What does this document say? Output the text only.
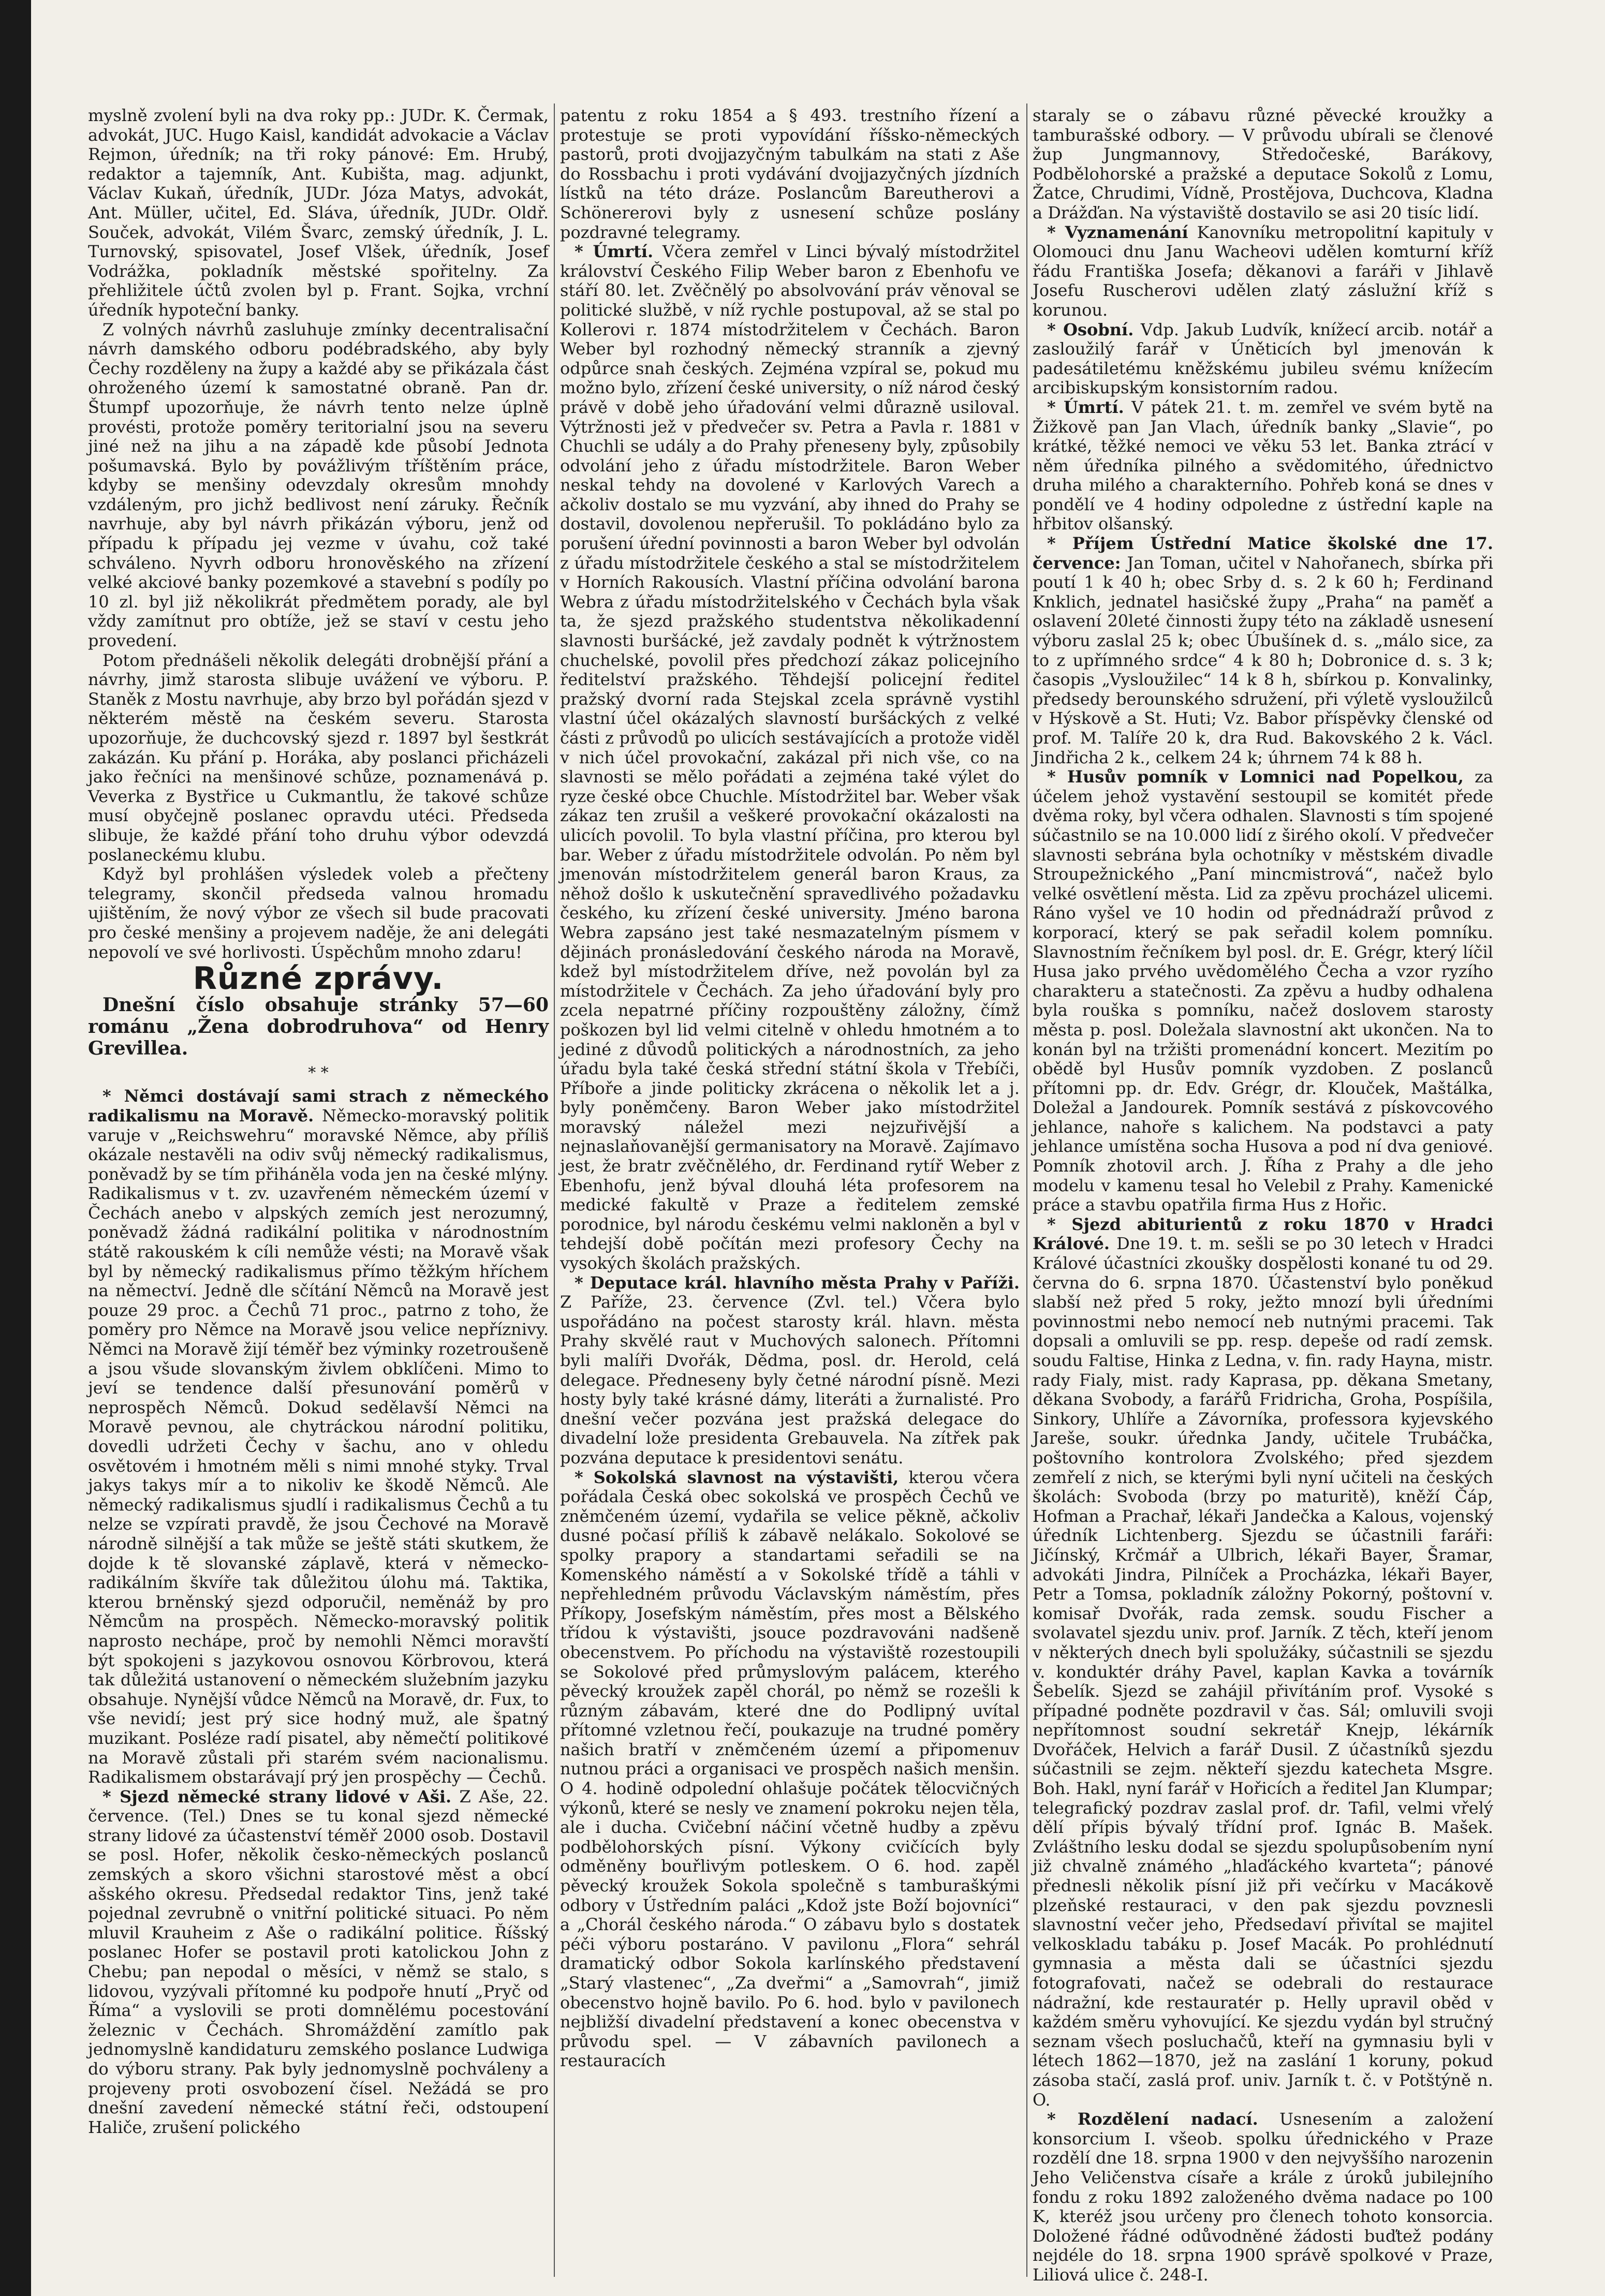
myslně zvolení byli na dva roky pp.: JUDr. K. Čermak, advokát, JUC. Hugo Kaisl, kandidát advokacie a Václav Rejmon, úředník; na tři roky pánové: Em. Hrubý, redaktor a tajemník, Ant. Kubišta, mag. adjunkt, Václav Kukaň, úředník, JUDr. Józa Matys, advokát, Ant. Müller, učitel, Ed. Sláva, úředník, JUDr. Oldř. Souček, advokát, Vilém Švarc, zemský úředník, J. L. Turnovský, spisovatel, Josef Vlšek, úředník, Josef Vodrážka, pokladník městské spořitelny. Za přehližitele účtů zvolen byl p. Frant. Sojka, vrchní úředník hypoteční banky.

Z volných návrhů zasluhuje zmínky decentralisační návrh damského odboru podébradského, aby byly Čechy rozděleny na župy a každé aby se přikázala část ohroženého území k samostatné obraně. Pan dr. Štumpf upozorňuje, že návrh tento nelze úplně provésti, protože poměry teritorialní jsou na severu jiné než na jihu a na západě kde působí Jednota pošumavská. Bylo by povážlivým tříštěním práce, kdyby se menšiny odevzdaly okresům mnohdy vzdáleným, pro jichž bedlivost není záruky. Řečník navrhuje, aby byl návrh přikázán výboru, jenž od případu k případu jej vezme v úvahu, což také schváleno. Nyvrh odboru hronověského na zřízení velké akciové banky pozemkové a stavební s podíly po 10 zl. byl již několikrát předmětem porady, ale byl vždy zamítnut pro obtíže, jež se staví v cestu jeho provedení.

Potom přednášeli několik delegáti drobnější přání a návrhy, jimž starosta slibuje uvážení ve výboru. P. Staněk z Mostu navrhuje, aby brzo byl pořádán sjezd v některém městě na českém severu. Starosta upozorňuje, že duchcovský sjezd r. 1897 byl šestkrát zakázán. Ku přání p. Horáka, aby poslanci přicházeli jako řečníci na menšinové schůze, poznamenává p. Veverka z Bystřice u Cukmantlu, že takové schůze musí obyčejně poslanec opravdu utéci. Předseda slibuje, že každé přání toho druhu výbor odevzdá poslaneckému klubu.

Když byl prohlášen výsledek voleb a přečteny telegramy, skončil předseda valnou hromadu ujištěním, že nový výbor ze všech sil bude pracovati pro české menšiny a projevem naděje, že ani delegáti nepovolí ve své horlivosti. Úspěchům mnoho zdaru!

Různé zprávy.

Dnešní číslo obsahuje stránky 57—60 románu „Žena dobrodruhova“ od Henry Grevillea.

* *

* Němci dostávají sami strach z německého radikalismu na Moravě. Německo-moravský politik varuje v „Reichswehru“ moravské Němce, aby příliš okázale nestavěli na odiv svůj německý radikalismus, poněvadž by se tím přiháněla voda jen na české mlýny. Radikalismus v t. zv. uzavřeném německém území v Čechách anebo v alpských zemích jest nerozumný, poněvadž žádná radikální politika v národnostním státě rakouském k cíli nemůže vésti; na Moravě však byl by německý radikalismus přímo těžkým hříchem na němectví. Jedně dle sčítání Němců na Moravě jest pouze 29 proc. a Čechů 71 proc., patrno z toho, že poměry pro Němce na Moravě jsou velice nepříznivy. Němci na Moravě žijí téměř bez výminky rozetroušeně a jsou všude slovanským živlem obklíčeni. Mimo to jeví se tendence další přesunování poměrů v neprospěch Němců. Dokud sedělavší Němci na Moravě pevnou, ale chytráckou národní politiku, dovedli udržeti Čechy v šachu, ano v ohledu osvětovém i hmotném měli s nimi mnohé styky. Trval jakys takys mír a to nikoliv ke škodě Němců. Ale německý radikalismus sjudlí i radikalismus Čechů a tu nelze se vzpírati pravdě, že jsou Čechové na Moravě národně silnější a tak může se ještě státi skutkem, že dojde k tě slovanské záplavě, která v německo-radikálním škvíře tak důležitou úlohu má. Taktika, kterou brněnský sjezd odporučil, neměnáž by pro Němcům na prospěch. Německo-moravský politik naprosto nechápe, proč by nemohli Němci moravští být spokojeni s jazykovou osnovou Körbrovou, která tak důležitá ustanovení o německém služebním jazyku obsahuje. Nynější vůdce Němců na Moravě, dr. Fux, to vše nevidí; jest prý sice hodný muž, ale špatný muzikant. Posléze radí pisatel, aby němečtí politikové na Moravě zůstali při starém svém nacionalismu. Radikalismem obstarávají prý jen prospěchy — Čechů.

* Sjezd německé strany lidové v Aši. Z Aše, 22. července. (Tel.) Dnes se tu konal sjezd německé strany lidové za účastenství téměř 2000 osob. Dostavil se posl. Hofer, několik česko-německých poslanců zemských a skoro všichni starostové měst a obcí ašského okresu. Předsedal redaktor Tins, jenž také pojednal zevrubně o vnitřní politické situaci. Po něm mluvil Krauheim z Aše o radikální politice. Říšský poslanec Hofer se postavil proti katolickou John z Chebu; pan nepodal o měsíci, v němž se stalo, s lidovou, vyzývali přítomné ku podpoře hnutí „Pryč od Říma“ a vyslovili se proti domnělému pocestování železnic v Čechách. Shromáždění zamítlo pak jednomyslně kandidaturu zemského poslance Ludwiga do výboru strany. Pak byly jednomyslně pochváleny a projeveny proti osvobození čísel. Nežádá se pro dnešní zavedení německé státní řeči, odstoupení Haliče, zrušení polického

patentu z roku 1854 a § 493. trestního řízení a protestuje se proti vypovídání říšsko-německých pastorů, proti dvojjazyčným tabulkám na stati z Aše do Rossbachu i proti vydávání dvojjazyčných jízdních lístků na této dráze. Poslancům Bareutherovi a Schönererovi byly z usnesení schůze poslány pozdravné telegramy.

* Úmrtí. Včera zemřel v Linci bývalý místodržitel království Českého Filip Weber baron z Ebenhofu ve stáří 80. let. Zvěčnělý po absolvování práv věnoval se politické službě, v níž rychle postupoval, až se stal po Kollerovi r. 1874 místodržitelem v Čechách. Baron Weber byl rozhodný německý stranník a zjevný odpůrce snah českých. Zejména vzpíral se, pokud mu možno bylo, zřízení české university, o níž národ český právě v době jeho úřadování velmi důrazně usiloval. Výtržnosti jež v předvečer sv. Petra a Pavla r. 1881 v Chuchli se udály a do Prahy přeneseny byly, způsobily odvolání jeho z úřadu místodržitele. Baron Weber neskal tehdy na dovolené v Karlových Varech a ačkoliv dostalo se mu vyzvání, aby ihned do Prahy se dostavil, dovolenou nepřerušil. To pokládáno bylo za porušení úřední povinnosti a baron Weber byl odvolán z úřadu místodržitele českého a stal se místodržitelem v Horních Rakousích. Vlastní příčina odvolání barona Webra z úřadu místodržitelského v Čechách byla však ta, že sjezd pražského studentstva několikadenní slavnosti buršácké, jež zavdaly podnět k výtržnostem chuchelské, povolil přes předchozí zákaz policejního ředitelství pražského. Těhdejší policejní ředitel pražský dvorní rada Stejskal zcela správně vystihl vlastní účel okázalých slavností buršáckých z velké části z průvodů po ulicích sestávajících a protože viděl v nich účel provokační, zakázal při nich vše, co na slavnosti se mělo pořádati a zejména také výlet do ryze české obce Chuchle. Místodržitel bar. Weber však zákaz ten zrušil a veškeré provokační okázalosti na ulicích povolil. To byla vlastní příčina, pro kterou byl bar. Weber z úřadu místodržitele odvolán. Po něm byl jmenován místodržitelem generál baron Kraus, za něhož došlo k uskutečnění spravedlivého požadavku českého, ku zřízení české university. Jméno barona Webra zapsáno jest také nesmazatelným písmem v dějinách pronásledování českého národa na Moravě, kdež byl místodržitelem dříve, než povolán byl za místodržitele v Čechách. Za jeho úřadování byly pro zcela nepatrné příčiny rozpouštěny záložny, čímž poškozen byl lid velmi citelně v ohledu hmotném a to jediné z důvodů politických a národnostních, za jeho úřadu byla také česká střední státní škola v Třebíči, Příboře a jinde politicky zkrácena o několik let a j. byly poněmčeny. Baron Weber jako místodržitel moravský náležel mezi nejzuřivější a nejnaslaňovanější germanisatory na Moravě. Zajímavo jest, že bratr zvěčnělého, dr. Ferdinand rytíř Weber z Ebenhofu, jenž býval dlouhá léta profesorem na medické fakultě v Praze a ředitelem zemské porodnice, byl národu českému velmi nakloněn a byl v tehdejší době počítán mezi profesory Čechy na vysokých školách pražských.

* Deputace král. hlavního města Prahy v Paříži. Z Paříže, 23. července (Zvl. tel.) Včera bylo uspořádáno na počest starosty král. hlavn. města Prahy skvělé raut v Muchových salonech. Přítomni byli malíři Dvořák, Dědma, posl. dr. Herold, celá delegace. Předneseny byly četné národní písně. Mezi hosty byly také krásné dámy, literáti a žurnalisté. Pro dnešní večer pozvána jest pražská delegace do divadelní lože presidenta Grebauvela. Na zítřek pak pozvána deputace k presidentovi senátu.

* Sokolská slavnost na výstavišti, kterou včera pořádala Česká obec sokolská ve prospěch Čechů ve zněmčeném území, vydařila se velice pěkně, ačkoliv dusné počasí příliš k zábavě nelákalo. Sokolové se spolky prapory a standartami seřadili se na Komenského náměstí a v Sokolské třídě a táhli v nepřehledném průvodu Václavským náměstím, přes Příkopy, Josefským náměstím, přes most a Bělského třídou k výstavišti, jsouce pozdravováni nadšeně obecenstvem. Po příchodu na výstaviště rozestoupili se Sokolové před průmyslovým palácem, kterého pěvecký kroužek zapěl chorál, po němž se rozešli k různým zábavám, které dne do Podlipný uvítal přítomné vzletnou řečí, poukazuje na trudné poměry našich bratří v zněmčeném území a připomenuv nutnou práci a organisaci ve prospěch našich menšin. O 4. hodině odpolední ohlašuje počátek tělocvičných výkonů, které se nesly ve znamení pokroku nejen těla, ale i ducha. Cvičební náčiní včetně hudby a zpěvu podbělohorských písní. Výkony cvičících byly odměněny bouřlivým potleskem. O 6. hod. zapěl pěvecký kroužek Sokola společně s tamburaškými odbory v Ústředním paláci „Kdož jste Boží bojovníci“ a „Chorál českého národa.“ O zábavu bylo s dostatek péči výboru postaráno. V pavilonu „Flora“ sehrál dramatický odbor Sokola karlínského představení „Starý vlastenec“, „Za dveřmi“ a „Samovrah“, jimiž obecenstvo hojně bavilo. Po 6. hod. bylo v pavilonech nejbližší divadelní představení a konec obecenstva v průvodu spel. — V zábavních pavilonech a restauracích

staraly se o zábavu různé pěvecké kroužky a tamburašské odbory. — V průvodu ubírali se členové žup Jungmannovy, Středočeské, Barákovy, Podbělohorské a pražské a deputace Sokolů z Lomu, Žatce, Chrudimi, Vídně, Prostějova, Duchcova, Kladna a Drážďan. Na výstaviště dostavilo se asi 20 tisíc lidí.

* Vyznamenání Kanovníku metropolitní kapituly v Olomouci dnu Janu Wacheovi udělen komturní kříž řádu Františka Josefa; děkanovi a faráři v Jihlavě Josefu Ruscherovi udělen zlatý záslužní kříž s korunou.

* Osobní. Vdp. Jakub Ludvík, knížecí arcib. notář a zasloužilý farář v Úněticích byl jmenován k padesátiletému kněžskému jubileu svému knížecím arcibiskupským konsistorním radou.

* Úmrtí. V pátek 21. t. m. zemřel ve svém bytě na Žižkově pan Jan Vlach, úředník banky „Slavie“, po krátké, těžké nemoci ve věku 53 let. Banka ztrácí v něm úředníka pilného a svědomitého, úřednictvo druha milého a charakterního. Pohřeb koná se dnes v pondělí ve 4 hodiny odpoledne z ústřední kaple na hřbitov olšanský.

* Příjem Ústřední Matice školské dne 17. července: Jan Toman, učitel v Nahořanech, sbírka při poutí 1 k 40 h; obec Srby d. s. 2 k 60 h; Ferdinand Knklich, jednatel hasičské župy „Praha“ na paměť a oslavení 20leté činnosti župy této na základě usnesení výboru zaslal 25 k; obec Úbušínek d. s. „málo sice, za to z upřímného srdce“ 4 k 80 h; Dobronice d. s. 3 k; časopis „Vysloužilec“ 14 k 8 h, sbírkou p. Konvalinky, předsedy berounského sdružení, při výletě vysloužilců v Hýskově a St. Huti; Vz. Babor příspěvky členské od prof. M. Talíře 20 k, dra Rud. Bakovského 2 k. Václ. Jindřicha 2 k., celkem 24 k; úhrnem 74 k 88 h.

* Husův pomník v Lomnici nad Popelkou, za účelem jehož vystavění sestoupil se komitét přede dvěma roky, byl včera odhalen. Slavnosti s tím spojené súčastnilo se na 10.000 lidí z širého okolí. V předvečer slavnosti sebrána byla ochotníky v městském divadle Stroupežnického „Paní mincmistrová“, načež bylo velké osvětlení města. Lid za zpěvu procházel ulicemi. Ráno vyšel ve 10 hodin od přednádraží průvod z korporací, který se pak seřadil kolem pomníku. Slavnostním řečníkem byl posl. dr. E. Grégr, který líčil Husa jako prvého uvědomělého Čecha a vzor ryzího charakteru a statečnosti. Za zpěvu a hudby odhalena byla rouška s pomníku, načež doslovem starosty města p. posl. Doležala slavnostní akt ukončen. Na to konán byl na tržišti promenádní koncert. Mezitím po obědě byl Husův pomník vyzdoben. Z poslanců přítomni pp. dr. Edv. Grégr, dr. Klouček, Maštálka, Doležal a Jandourek. Pomník sestává z pískovcového jehlance, nahoře s kalichem. Na podstavci a paty jehlance umístěna socha Husova a pod ní dva geniové. Pomník zhotovil arch. J. Říha z Prahy a dle jeho modelu v kamenu tesal ho Velebil z Prahy. Kamenické práce a stavbu opatřila firma Hus z Hořic.

* Sjezd abiturientů z roku 1870 v Hradci Králové. Dne 19. t. m. sešli se po 30 letech v Hradci Králové účastníci zkoušky dospělosti konané tu od 29. června do 6. srpna 1870. Účastenství bylo poněkud slabší než před 5 roky, ježto mnozí byli úředními povinnostmi nebo nemocí neb nutnými pracemi. Tak dopsali a omluvili se pp. resp. depeše od radí zemsk. soudu Faltise, Hinka z Ledna, v. fin. rady Hayna, mistr. rady Fialy, mist. rady Kaprasa, pp. děkana Smetany, děkana Svobody, a farářů Fridricha, Groha, Pospíšila, Sinkory, Uhlíře a Závorníka, professora kyjevského Jareše, soukr. úřednka Jandy, učitele Trubáčka, poštovního kontrolora Zvolského; před sjezdem zemřelí z nich, se kterými byli nyní učiteli na českých školách: Svoboda (brzy po maturitě), kněží Čáp, Hofman a Prachař, lékaři Jandečka a Kalous, vojenský úředník Lichtenberg. Sjezdu se účastnili faráři: Jičínský, Krčmář a Ulbrich, lékaři Bayer, Šramar, advokáti Jindra, Pilníček a Procházka, lékaři Bayer, Petr a Tomsa, pokladník záložny Pokorný, poštovní v. komisař Dvořák, rada zemsk. soudu Fischer a svolavatel sjezdu univ. prof. Jarník. Z těch, kteří jenom v některých dnech byli spolužáky, súčastnili se sjezdu v. konduktér dráhy Pavel, kaplan Kavka a továrník Šebelík. Sjezd se zahájil přivítáním prof. Vysoké s případné podněte pozdravil v čas. Sál; omluvili svoji nepřítomnost soudní sekretář Knejp, lékárník Dvořáček, Helvich a farář Dusil. Z účastníků sjezdu súčastnili se zejm. někteří sjezdu katecheta Msgre. Boh. Hakl, nyní farář v Hořicích a ředitel Jan Klumpar; telegrafický pozdrav zaslal prof. dr. Tafil, velmi vřelý dělí přípis bývalý třídní prof. Ignác B. Mašek. Zvláštního lesku dodal se sjezdu spolupůsobením nyní již chvalně známého „hlaďáckého kvarteta“; pánové přednesli několik písní již při večírku v Macákově plzeňské restauraci, v den pak sjezdu povznesli slavnostní večer jeho, Předsedaví přivítal se majitel velkoskladu tabáku p. Josef Macák. Po prohlédnutí gymnasia a města dali se účastníci sjezdu fotografovati, načež se odebrali do restaurace nádražní, kde restauratér p. Helly upravil oběd v každém směru vyhovující. Ke sjezdu vydán byl stručný seznam všech posluchačů, kteří na gymnasiu byli v létech 1862—1870, jež na zaslání 1 koruny, pokud zásoba stačí, zaslá prof. univ. Jarník t. č. v Potštýně n. O.

* Rozdělení nadací. Usnesením a založení konsorcium I. všeob. spolku úřednického v Praze rozdělí dne 18. srpna 1900 v den nejvyššího narozenin Jeho Veličenstva císaře a krále z úroků jubilejního fondu z roku 1892 založeného dvěma nadace po 100 K, kteréž jsou určeny pro členech tohoto konsorcia. Doložené řádné odůvodněné žádosti buďtež podány nejdéle do 18. srpna 1900 správě spolkové v Praze, Liliová ulice č. 248-I.
